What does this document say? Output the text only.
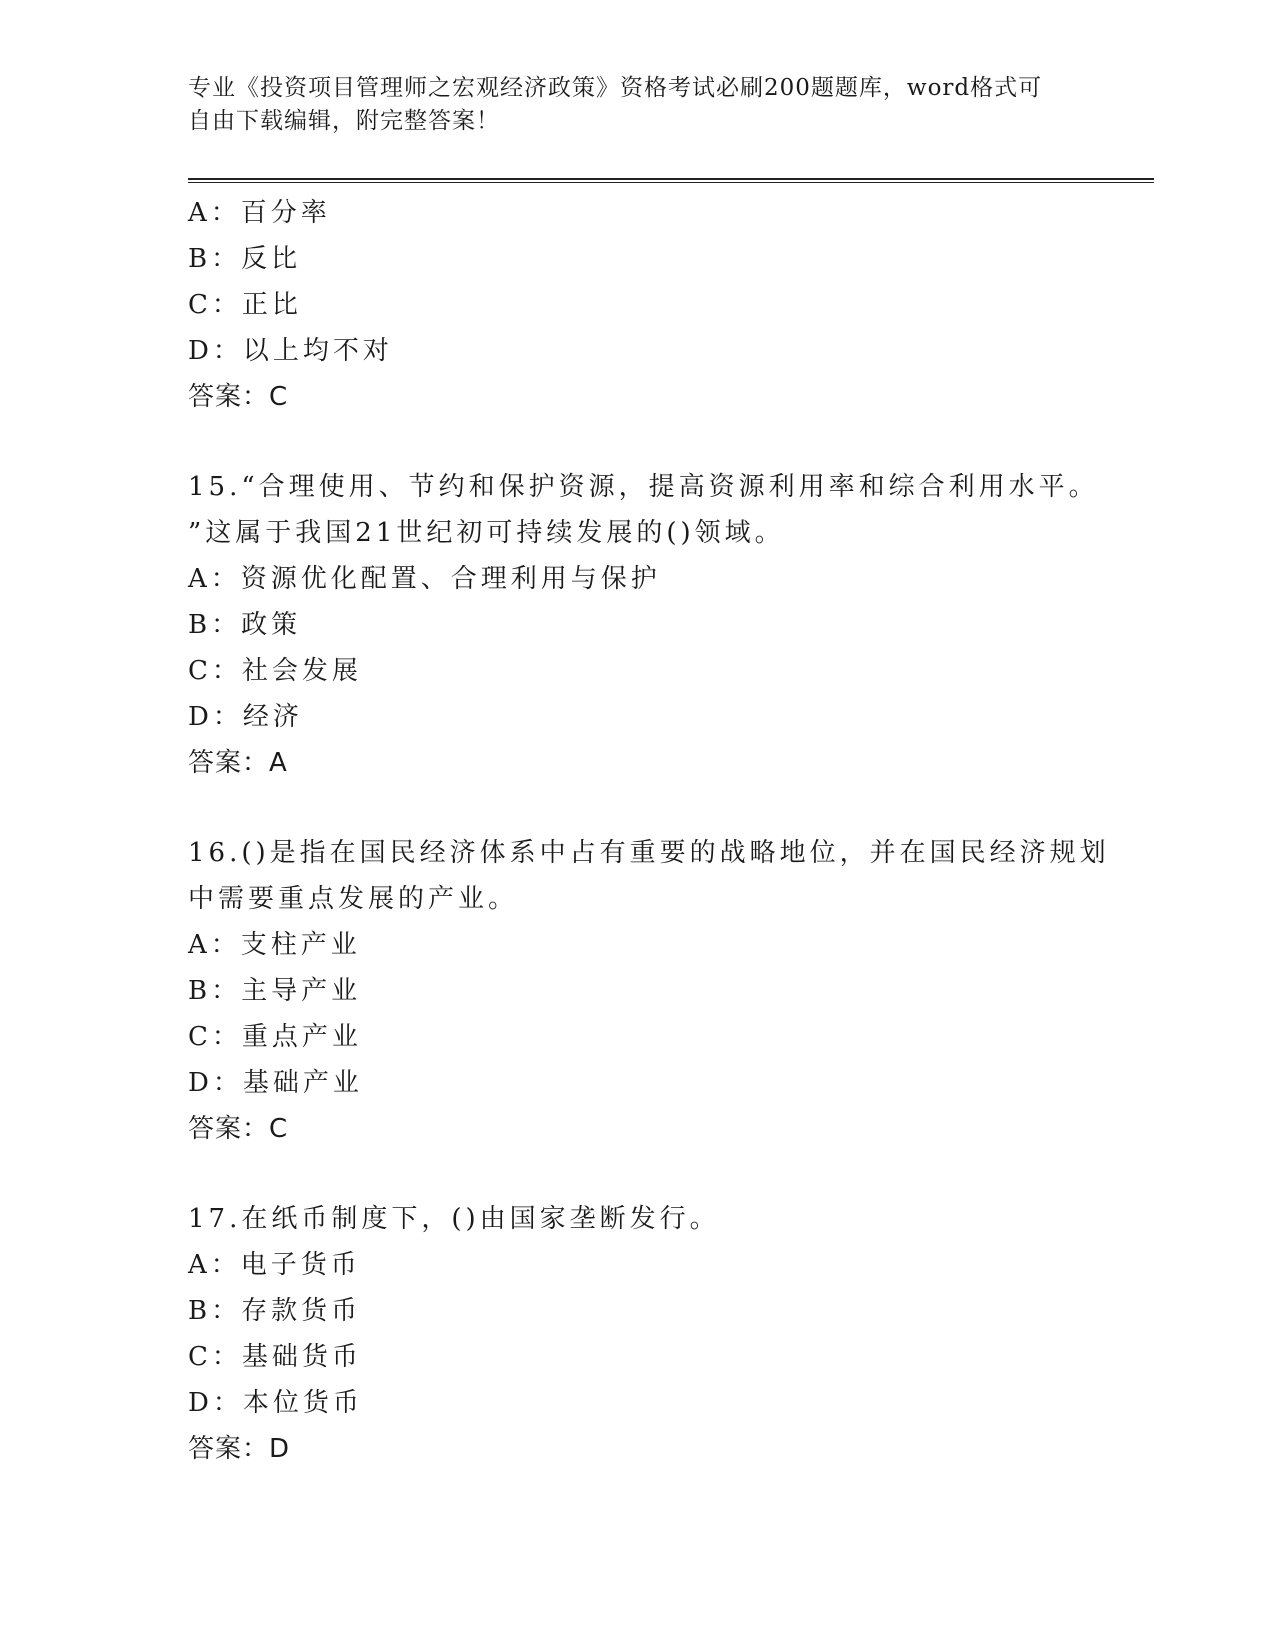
专业《投资项目管理师之宏观经济政策》资格考试必刷200题题库，word格式可
自由下载编辑，附完整答案！
A：百分率
B：反比
C：正比
D：以上均不对
答案：C
15.“合理使用、节约和保护资源，提高资源利用率和综合利用水平。
”这属于我国21世纪初可持续发展的()领域。
A：资源优化配置、合理利用与保护
B：政策
C：社会发展
D：经济
答案：A
16.()是指在国民经济体系中占有重要的战略地位，并在国民经济规划
中需要重点发展的产业。
A：支柱产业
B：主导产业
C：重点产业
D：基础产业
答案：C
17.在纸币制度下，()由国家垄断发行。
A：电子货币
B：存款货币
C：基础货币
D：本位货币
答案：D
